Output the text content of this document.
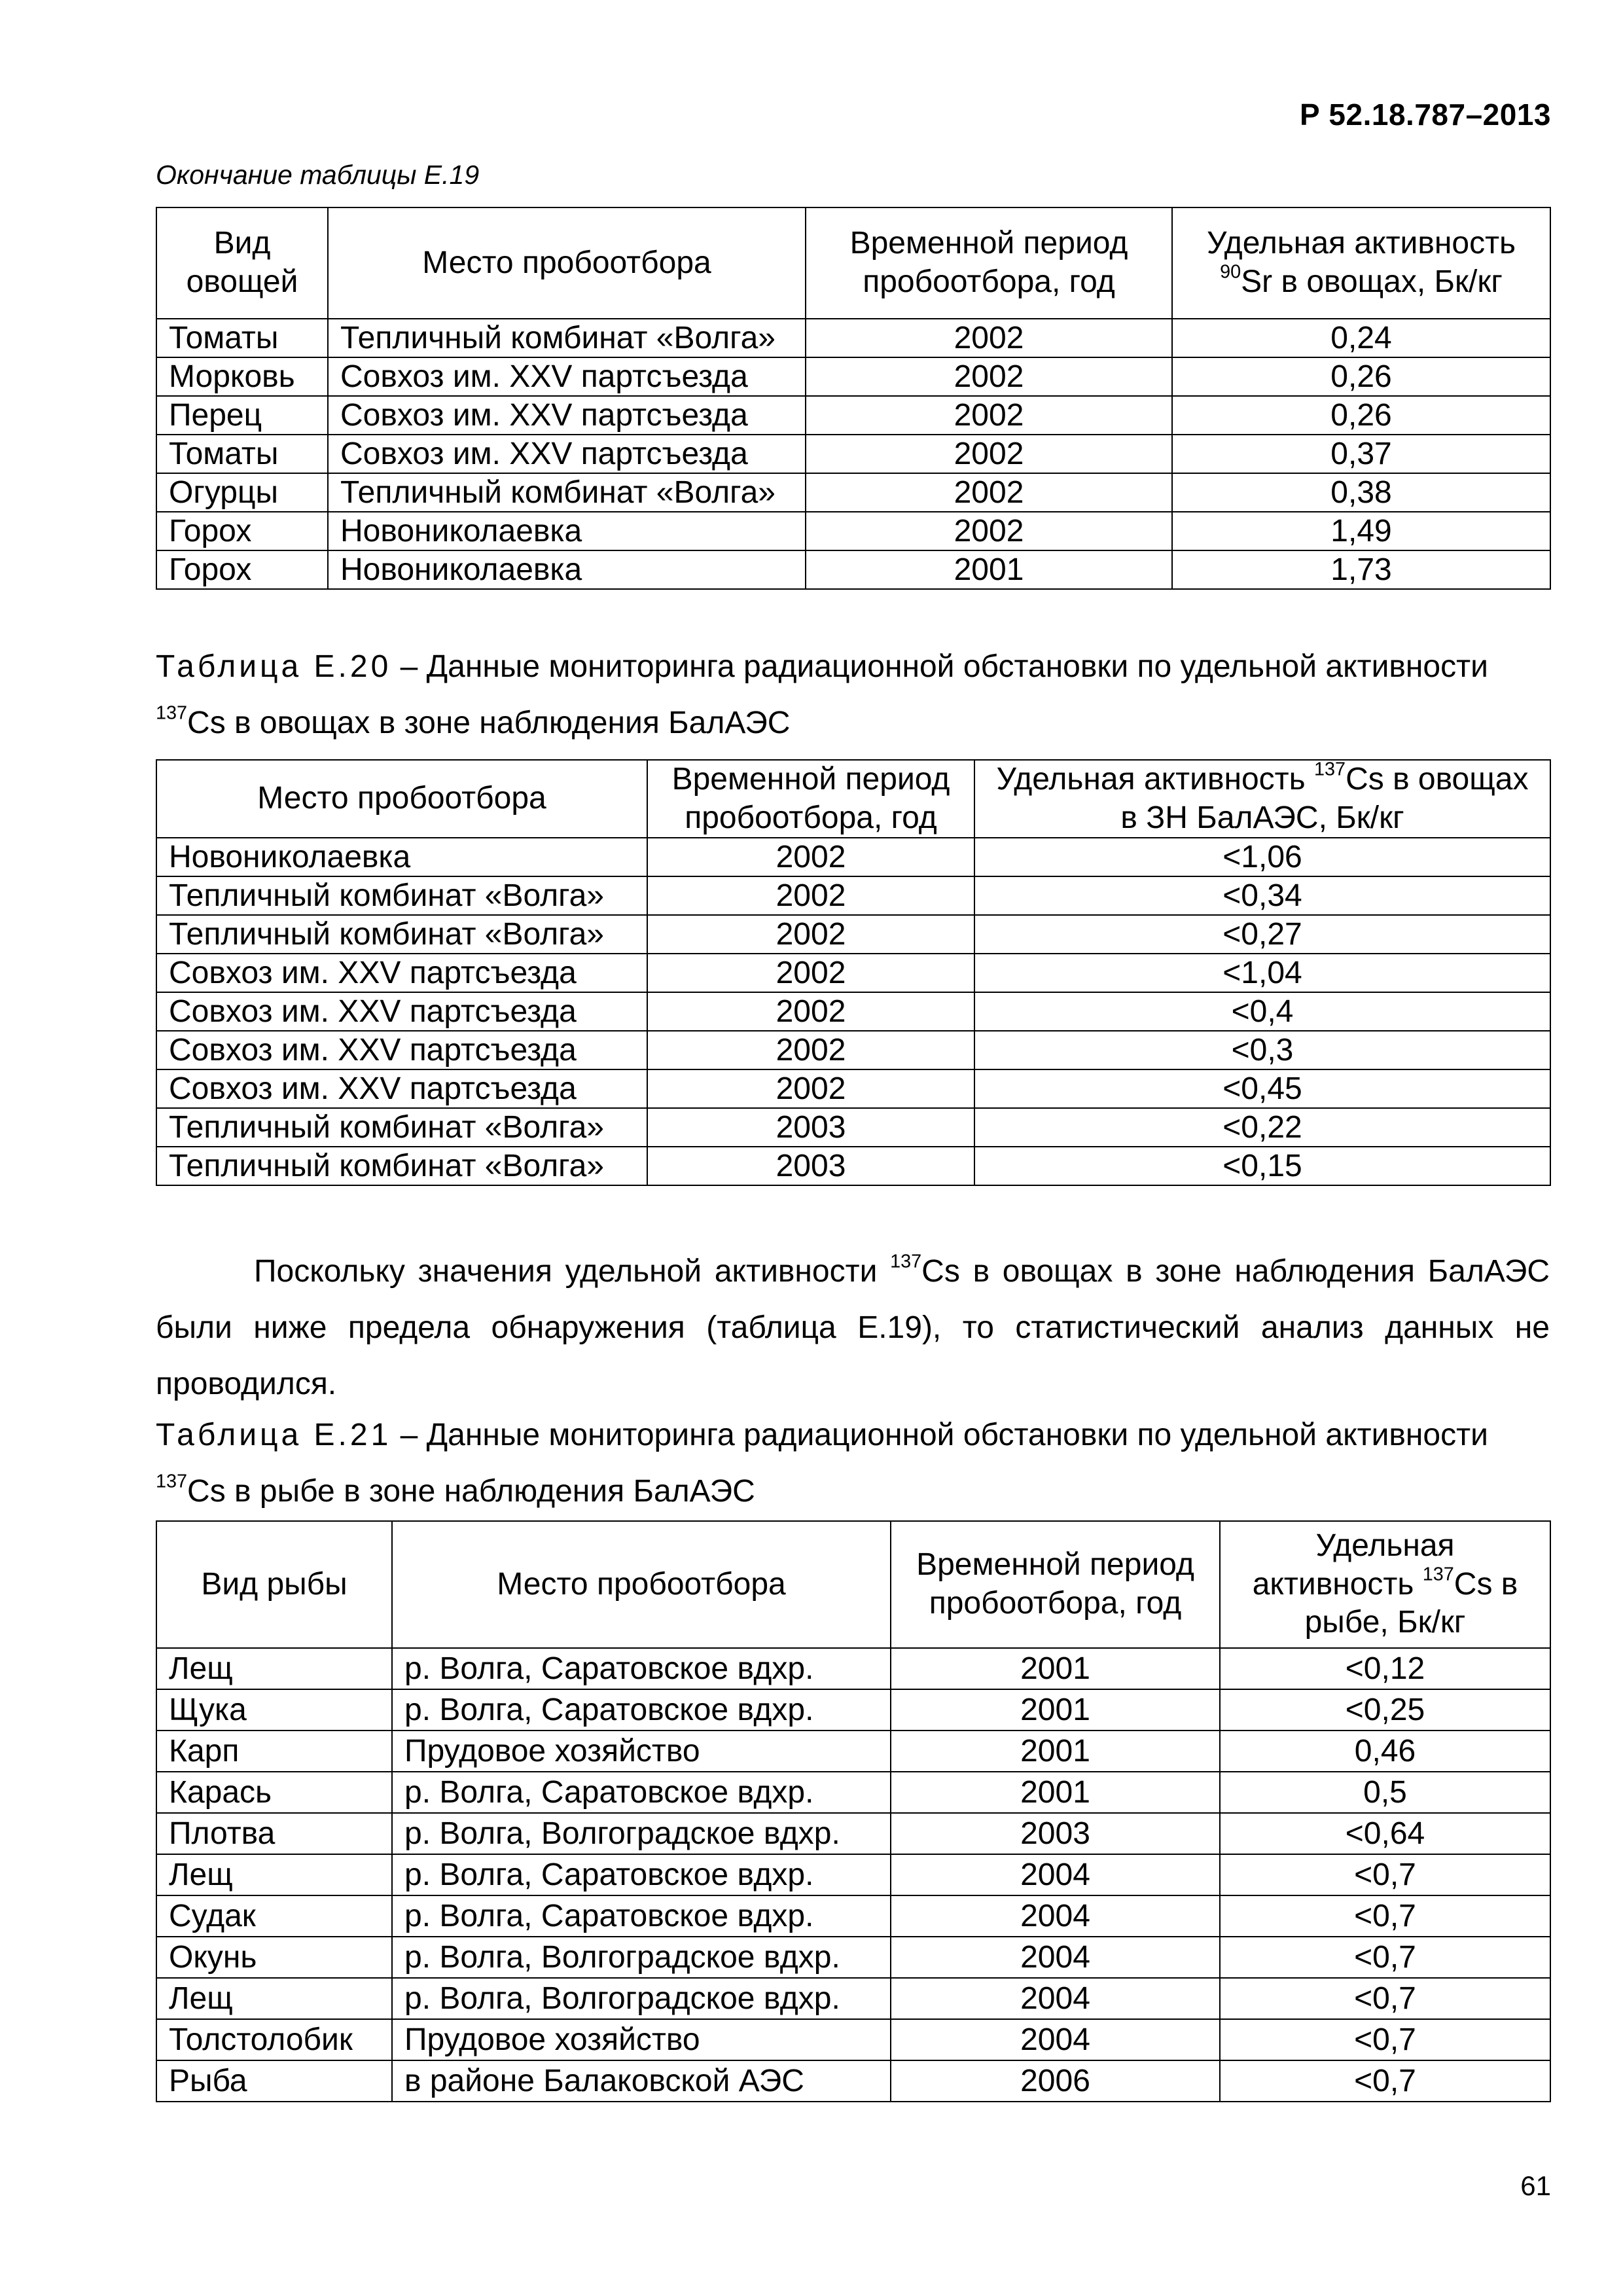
Р 52.18.787–2013
Окончание таблицы Е.19
Вид овощей	Место пробоотбора	Временной период пробоотбора, год	Удельная активность
$^{90}$Sr в овощах, Бк/кг
Томаты	Тепличный комбинат «Волга»	2002	0,24
Морковь	Совхоз им. XXV партсъезда	2002	0,26
Перец	Совхоз им. XXV партсъезда	2002	0,26
Томаты	Совхоз им. XXV партсъезда	2002	0,37
Огурцы	Тепличный комбинат «Волга»	2002	0,38
Горох	Новониколаевка	2002	1,49
Горох	Новониколаевка	2001	1,73
Таблица Е.20 – Данные мониторинга радиационной обстановки по удельной активности
$^{137}$Cs в овощах в зоне наблюдения БалАЭС
Место пробоотбора	Временной период пробоотбора, год	Удельная активность $^{137}$Cs в овощах в ЗН БалАЭС, Бк/кг
Новониколаевка	2002	<1,06
Тепличный комбинат «Волга»	2002	<0,34
Тепличный комбинат «Волга»	2002	<0,27
Совхоз им. XXV партсъезда	2002	<1,04
Совхоз им. XXV партсъезда	2002	<0,4
Совхоз им. XXV партсъезда	2002	<0,3
Совхоз им. XXV партсъезда	2002	<0,45
Тепличный комбинат «Волга»	2003	<0,22
Тепличный комбинат «Волга»	2003	<0,15
Поскольку значения удельной активности $^{137}$Cs в овощах в зоне наблюдения БалАЭС были ниже предела обнаружения (таблица Е.19), то статистический анализ данных не проводился.
Таблица Е.21 – Данные мониторинга радиационной обстановки по удельной активности
$^{137}$Cs в рыбе в зоне наблюдения БалАЭС
Вид рыбы	Место пробоотбора	Временной период пробоотбора, год	Удельная активность $^{137}$Cs в рыбе, Бк/кг
Лещ	р. Волга, Саратовское вдхр.	2001	<0,12
Щука	р. Волга, Саратовское вдхр.	2001	<0,25
Карп	Прудовое хозяйство	2001	0,46
Карась	р. Волга, Саратовское вдхр.	2001	0,5
Плотва	р. Волга, Волгоградское вдхр.	2003	<0,64
Лещ	р. Волга, Саратовское вдхр.	2004	<0,7
Судак	р. Волга, Саратовское вдхр.	2004	<0,7
Окунь	р. Волга, Волгоградское вдхр.	2004	<0,7
Лещ	р. Волга, Волгоградское вдхр.	2004	<0,7
Толстолобик	Прудовое хозяйство	2004	<0,7
Рыба	в районе Балаковской АЭС	2006	<0,7
61
